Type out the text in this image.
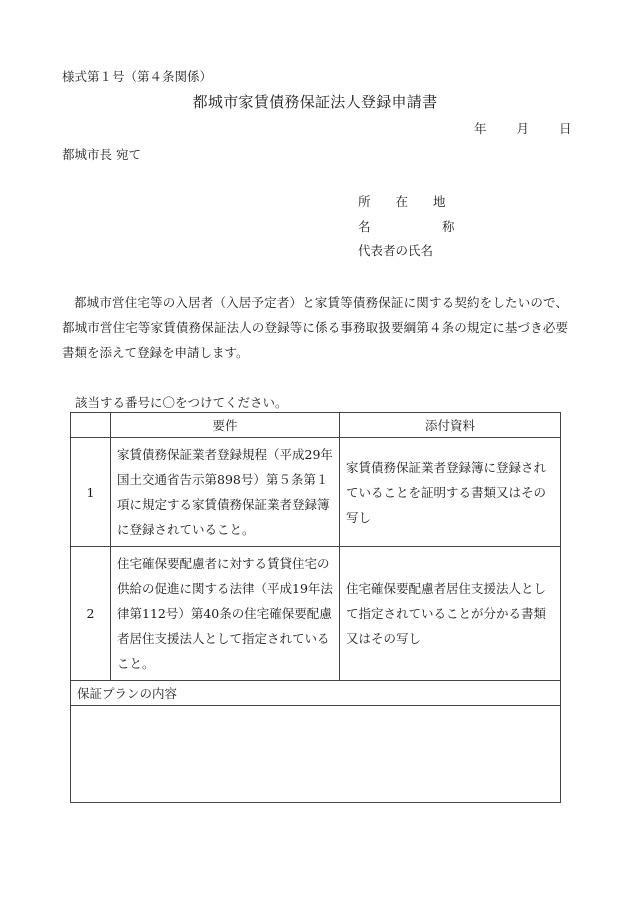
様式第１号（第４条関係）
都城市家賃債務保証法人登録申請書
年 月 日
都城市長 宛て
所　　在　　地
名	称
代表者の氏名
都城市営住宅等の入居者（入居予定者）と家賃等債務保証に関する契約をしたいので、都城市営住宅等家賃債務保証法人の登録等に係る事務取扱要綱第４条の規定に基づき必要書類を添えて登録を申請します。
該当する番号に〇をつけてください。
	要件	添付資料
1	家賃債務保証業者登録規程（平成29年国土交通省告示第898号）第５条第１項に規定する家賃債務保証業者登録簿に登録されていること。	家賃債務保証業者登録簿に登録されていることを証明する書類又はその写し
2	住宅確保要配慮者に対する賃貸住宅の供給の促進に関する法律（平成19年法律第112号）第40条の住宅確保要配慮者居住支援法人として指定されていること。	住宅確保要配慮者居住支援法人として指定されていることが分かる書類又はその写し
保証プランの内容		
